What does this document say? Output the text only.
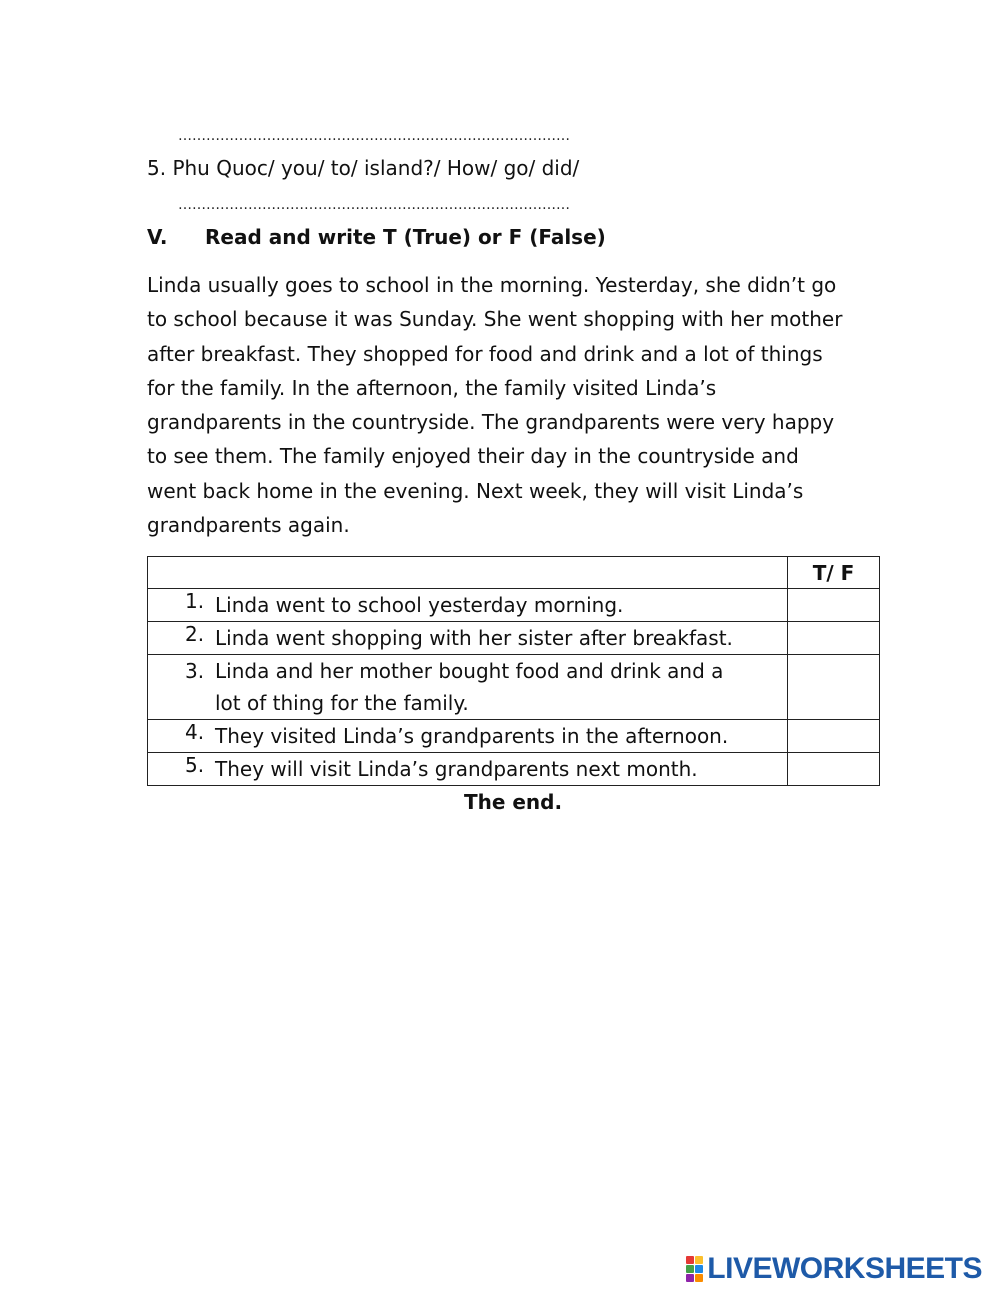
…………………………………………………………………………
5. Phu Quoc/ you/ to/ island?/ How/ go/ did/
…………………………………………………………………………
V. Read and write T (True) or F (False)
Linda usually goes to school in the morning. Yesterday, she didn’t go
to school because it was Sunday. She went shopping with her mother
after breakfast. They shopped for food and drink and a lot of things
for the family. In the afternoon, the family visited Linda’s
grandparents in the countryside. The grandparents were very happy
to see them. The family enjoyed their day in the countryside and
went back home in the evening. Next week, they will visit Linda’s
grandparents again.
	T/ F
1. Linda went to school yesterday morning.	
2. Linda went shopping with her sister after breakfast.	
3. Linda and her mother bought food and drink and a
lot of thing for the family.	
4. They visited Linda’s grandparents in the afternoon.	
5. They will visit Linda’s grandparents next month.	
The end.
LIVEWORKSHEETS
